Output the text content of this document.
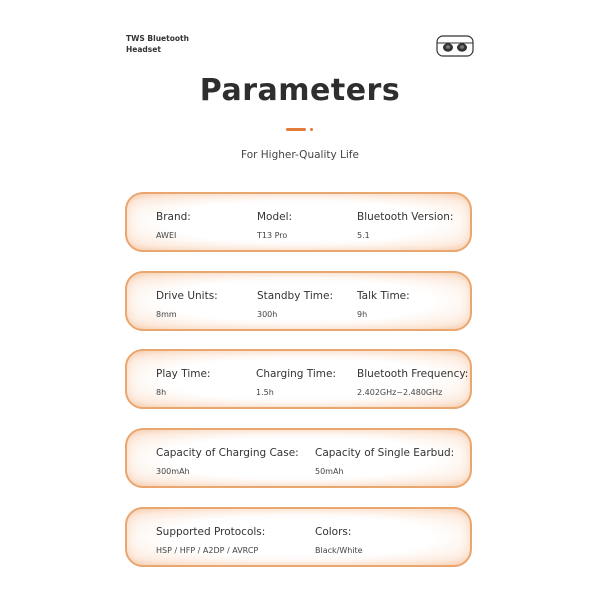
TWS Bluetooth
Headset
Parameters
For Higher-Quality Life
Brand:
AWEI
Model:
T13 Pro
Bluetooth Version:
5.1
Drive Units:
8mm
Standby Time:
300h
Talk Time:
9h
Play Time:
8h
Charging Time:
1.5h
Bluetooth Frequency:
2.402GHz~2.480GHz
Capacity of Charging Case:
300mAh
Capacity of Single Earbud:
50mAh
Supported Protocols:
HSP / HFP / A2DP / AVRCP
Colors:
Black/White
